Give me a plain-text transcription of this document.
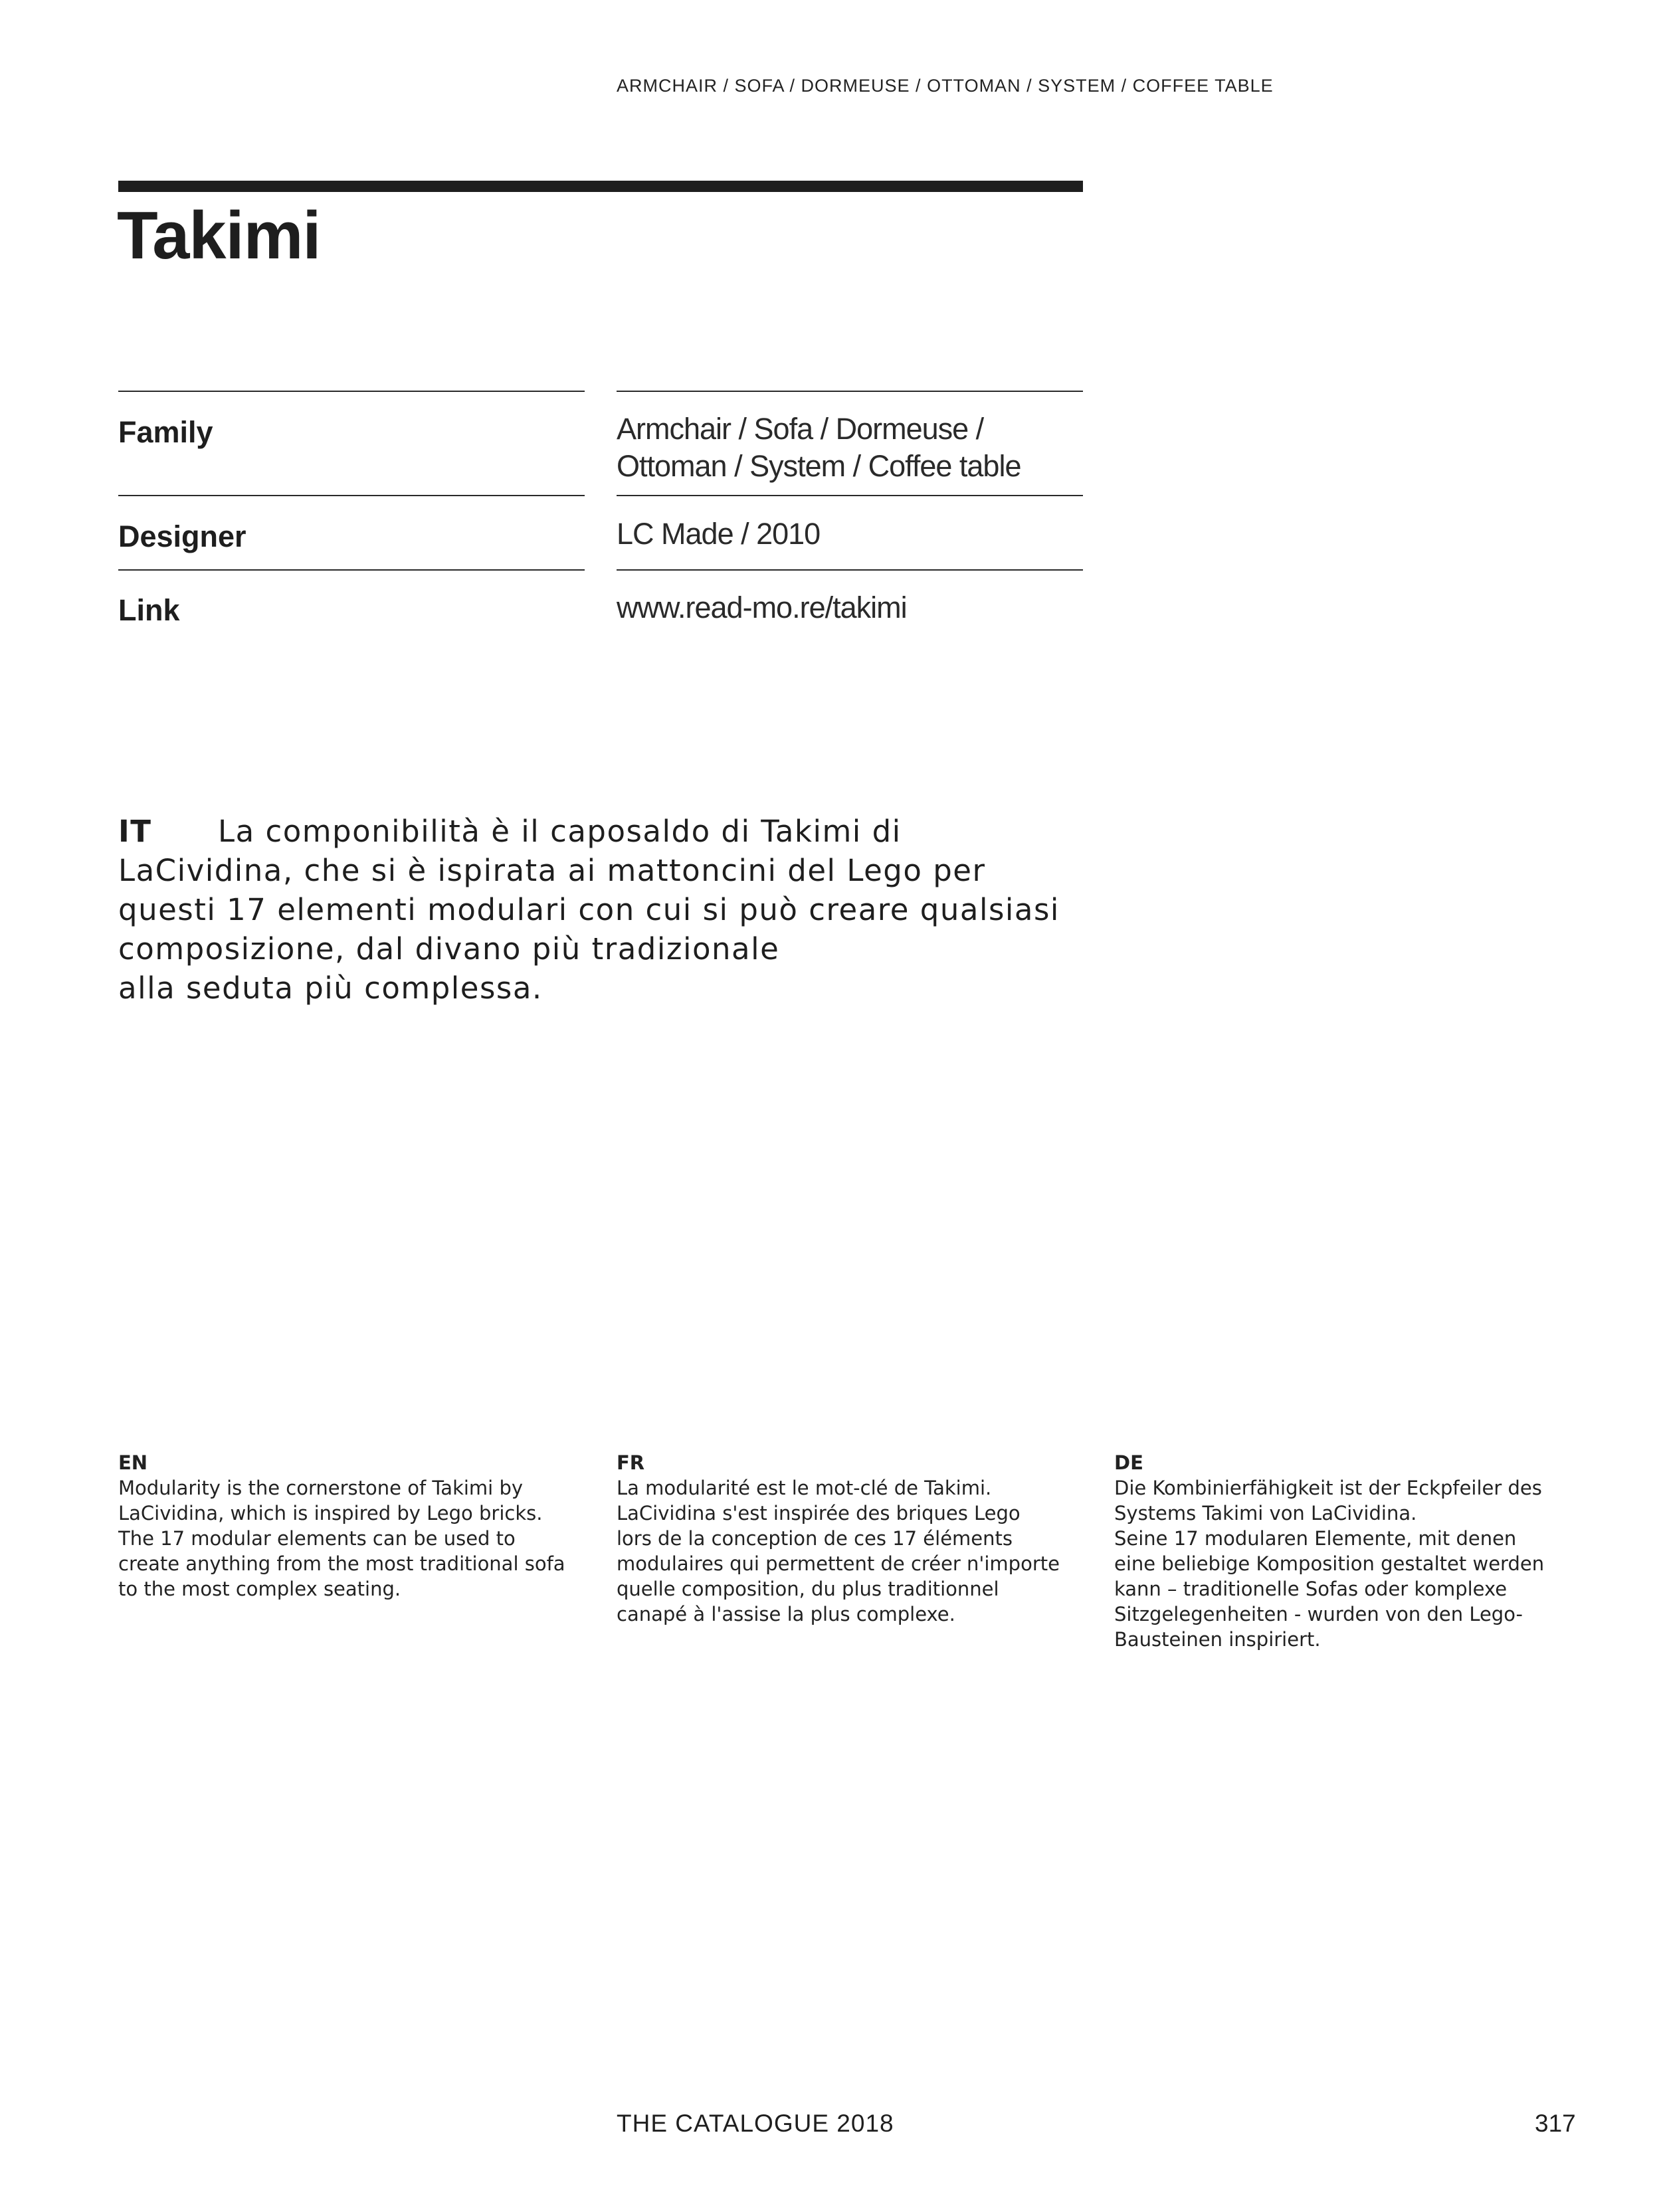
ARMCHAIR / SOFA / DORMEUSE / OTTOMAN / SYSTEM / COFFEE TABLE
Takimi
Family	Armchair / Sofa / Dormeuse /
Ottoman / System / Coffee table
Designer	LC Made / 2010
Link	www.read-mo.re/takimi
IT La componibilità è il caposaldo di Takimi di
LaCividina, che si è ispirata ai mattoncini del Lego per
questi 17 elementi modulari con cui si può creare qualsiasi
composizione, dal divano più tradizionale
alla seduta più complessa.
EN

Modularity is the cornerstone of Takimi by

LaCividina, which is inspired by Lego bricks.

The 17 modular elements can be used to

create anything from the most traditional sofa

to the most complex seating.

FR

La modularité est le mot-clé de Takimi.

LaCividina s'est inspirée des briques Lego

lors de la conception de ces 17 éléments

modulaires qui permettent de créer n'importe

quelle composition, du plus traditionnel

canapé à l'assise la plus complexe.

DE

Die Kombinierfähigkeit ist der Eckpfeiler des

Systems Takimi von LaCividina.

Seine 17 modularen Elemente, mit denen

eine beliebige Komposition gestaltet werden

kann – traditionelle Sofas oder komplexe

Sitzgelegenheiten - wurden von den Lego-

Bausteinen inspiriert.

THE CATALOGUE 2018	317
